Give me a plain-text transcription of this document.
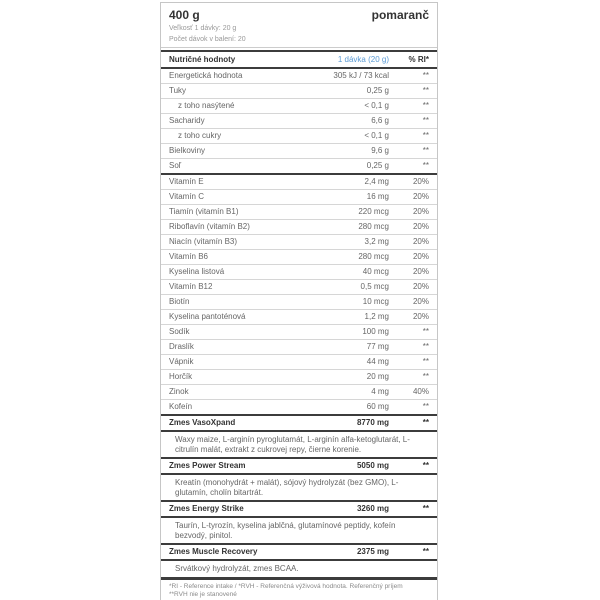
400 g	pomaranč
Veľkosť 1 dávky: 20 g
Počet dávok v balení: 20
Nutričné hodnoty	1 dávka (20 g)	% RI*
Energetická hodnota	305 kJ / 73 kcal	**
Tuky	0,25 g	**
z toho nasýtené	< 0,1 g	**
Sacharidy	6,6 g	**
z toho cukry	< 0,1 g	**
Bielkoviny	9,6 g	**
Soľ	0,25 g	**
Vitamín E	2,4 mg	20%
Vitamín C	16 mg	20%
Tiamín (vitamín B1)	220 mcg	20%
Riboflavín (vitamín B2)	280 mcg	20%
Niacín (vitamín B3)	3,2 mg	20%
Vitamín B6	280 mcg	20%
Kyselina listová	40 mcg	20%
Vitamín B12	0,5 mcg	20%
Biotín	10 mcg	20%
Kyselina pantoténová	1,2 mg	20%
Sodík	100 mg	**
Draslík	77 mg	**
Vápnik	44 mg	**
Horčík	20 mg	**
Zinok	4 mg	40%
Kofeín	60 mg	**
Zmes VasoXpand	8770 mg	**
Waxy maize, L-arginín pyroglutamát, L-arginín alfa-ketoglutarát, L-citrulín malát, extrakt z cukrovej repy, čierne korenie.
Zmes Power Stream	5050 mg	**
Kreatín (monohydrát + malát), sójový hydrolyzát (bez GMO), L-glutamín, cholín bitartrát.
Zmes Energy Strike	3260 mg	**
Taurín, L-tyrozín, kyselina jablčná, glutamínové peptidy, kofeín bezvodý, pinitol.
Zmes Muscle Recovery	2375 mg	**
Srvátkový hydrolyzát, zmes BCAA.
*RI - Reference intake / *RVH - Referenčná výživová hodnota. Referenčný príjem
**RVH nie je stanovené
